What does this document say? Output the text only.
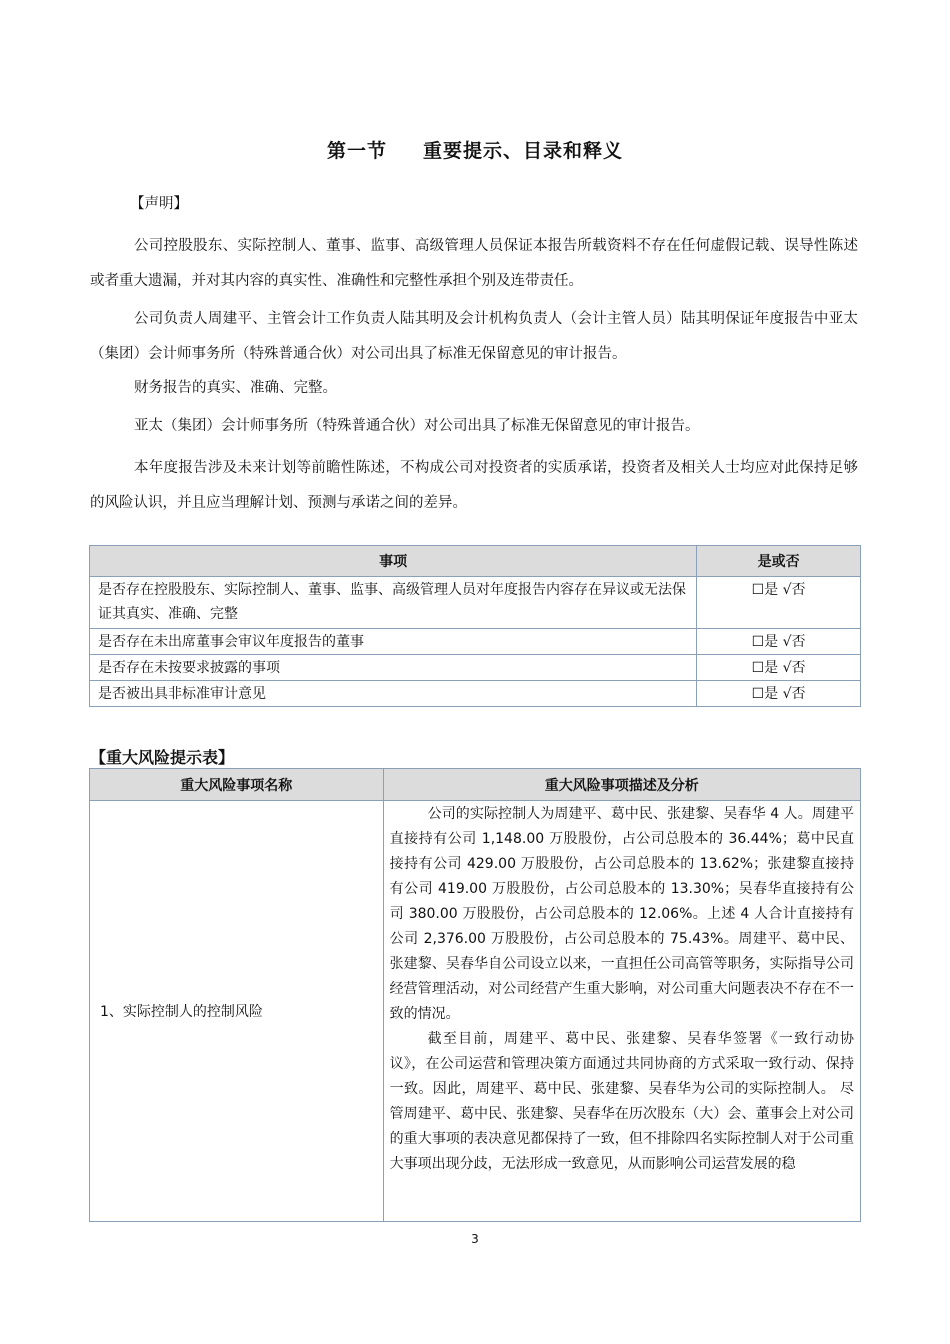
第一节 重要提示、目录和释义
【声明】

公司控股股东、实际控制人、董事、监事、高级管理人员保证本报告所载资料不存在任何虚假记载、误导性陈述或者重大遗漏，并对其内容的真实性、准确性和完整性承担个别及连带责任。

公司负责人周建平、主管会计工作负责人陆其明及会计机构负责人（会计主管人员）陆其明保证年度报告中亚太（集团）会计师事务所（特殊普通合伙）对公司出具了标准无保留意见的审计报告。

财务报告的真实、准确、完整。

亚太（集团）会计师事务所（特殊普通合伙）对公司出具了标准无保留意见的审计报告。

本年度报告涉及未来计划等前瞻性陈述，不构成公司对投资者的实质承诺，投资者及相关人士均应对此保持足够的风险认识，并且应当理解计划、预测与承诺之间的差异。

事项	是或否
是否存在控股股东、实际控制人、董事、监事、高级管理人员对年度报告内容存在异议或无法保证其真实、准确、完整	☐是 √否
是否存在未出席董事会审议年度报告的董事	☐是 √否
是否存在未按要求披露的事项	☐是 √否
是否被出具非标准审计意见	☐是 √否
【重大风险提示表】
重大风险事项名称	重大风险事项描述及分析
1、实际控制人的控制风险	公司的实际控制人为周建平、葛中民、张建黎、吴春华 4 人。周建平直接持有公司 1,148.00 万股股份，占公司总股本的 36.44%；葛中民直接持有公司 429.00 万股股份，占公司总股本的 13.62%；张建黎直接持有公司 419.00 万股股份，占公司总股本的 13.30%；吴春华直接持有公司 380.00 万股股份，占公司总股本的 12.06%。上述 4 人合计直接持有公司 2,376.00 万股股份，占公司总股本的 75.43%。周建平、葛中民、张建黎、吴春华自公司设立以来，一直担任公司高管等职务，实际指导公司经营管理活动，对公司经营产生重大影响，对公司重大问题表决不存在不一致的情况。

截至目前，周建平、葛中民、张建黎、吴春华签署《一致行动协议》，在公司运营和管理决策方面通过共同协商的方式采取一致行动、保持一致。因此，周建平、葛中民、张建黎、吴春华为公司的实际控制人。 尽管周建平、葛中民、张建黎、吴春华在历次股东（大）会、董事会上对公司的重大事项的表决意见都保持了一致，但不排除四名实际控制人对于公司重大事项出现分歧，无法形成一致意见，从而影响公司运营发展的稳

3
